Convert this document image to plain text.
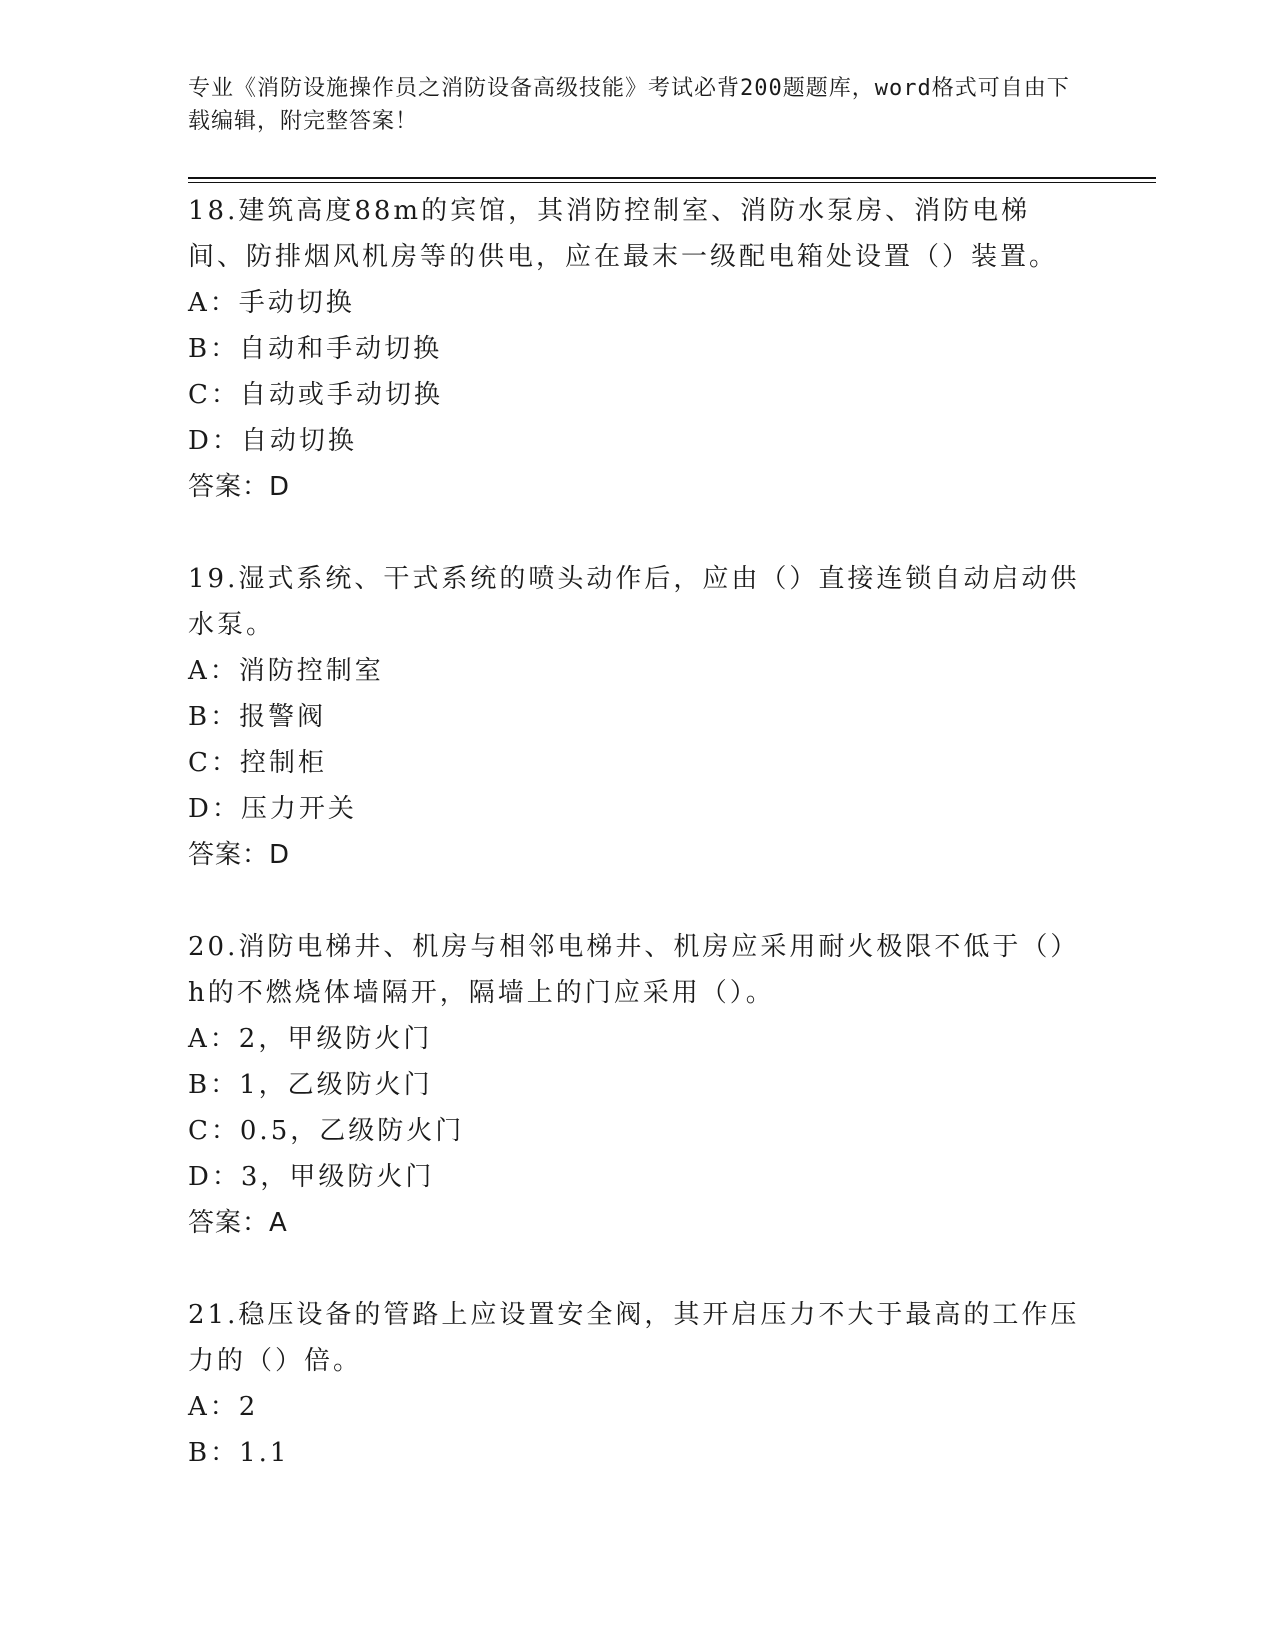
专业《消防设施操作员之消防设备高级技能》考试必背200题题库，word格式可自由下载编辑，附完整答案！
18.建筑高度88m的宾馆，其消防控制室、消防水泵房、消防电梯间、防排烟风机房等的供电，应在最末一级配电箱处设置（）装置。
A：手动切换
B：自动和手动切换
C：自动或手动切换
D：自动切换
答案：D
19.湿式系统、干式系统的喷头动作后，应由（）直接连锁自动启动供水泵。
A：消防控制室
B：报警阀
C：控制柜
D：压力开关
答案：D
20.消防电梯井、机房与相邻电梯井、机房应采用耐火极限不低于（）h的不燃烧体墙隔开，隔墙上的门应采用（）。
A：2，甲级防火门
B：1，乙级防火门
C：0.5，乙级防火门
D：3，甲级防火门
答案：A
21.稳压设备的管路上应设置安全阀，其开启压力不大于最高的工作压力的（）倍。
A：2
B：1.1
